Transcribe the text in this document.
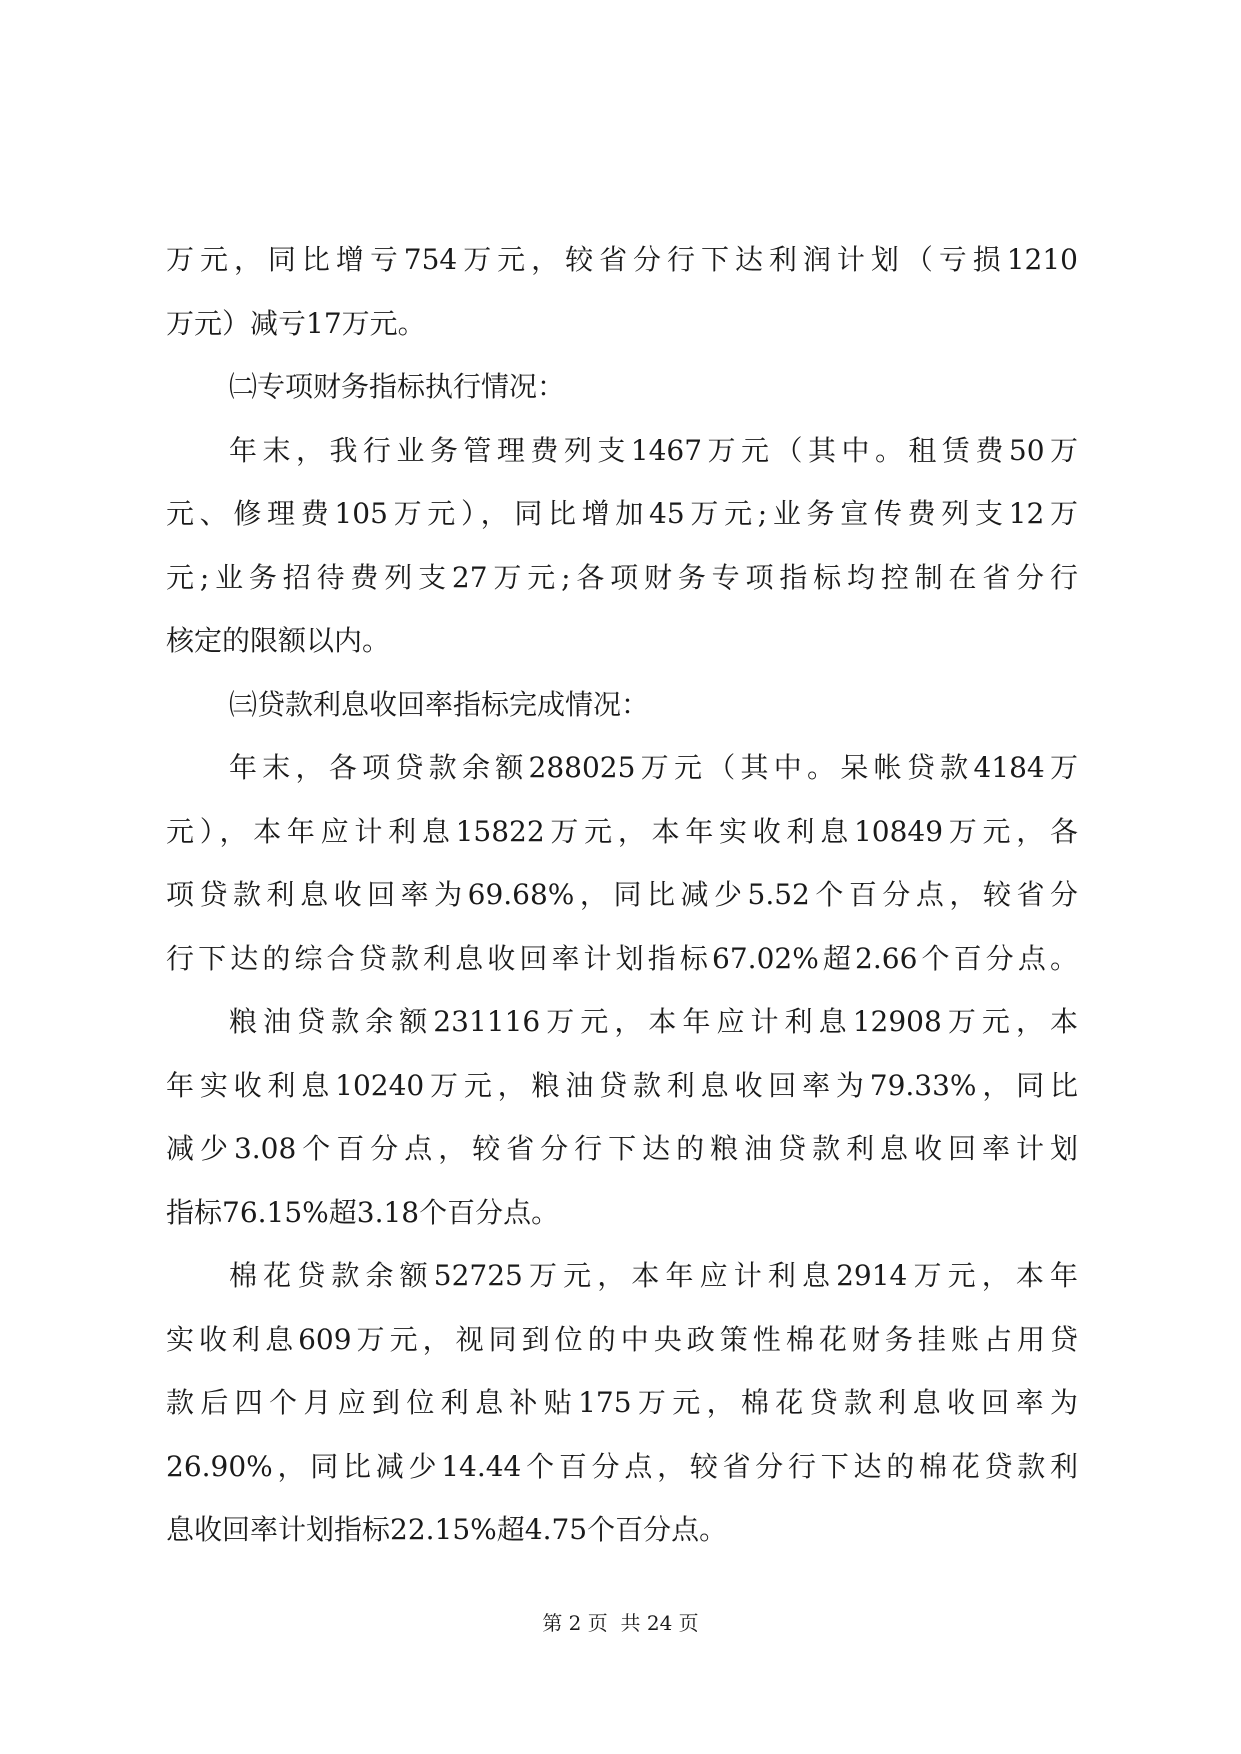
万元，同比增亏754万元，较省分行下达利润计划（亏损1210
万元）减亏17万元。
㈡专项财务指标执行情况：
年末，我行业务管理费列支1467万元（其中。租赁费50万
元、修理费105万元），同比增加45万元;业务宣传费列支12万
元;业务招待费列支27万元;各项财务专项指标均控制在省分行
核定的限额以内。
㈢贷款利息收回率指标完成情况：
年末，各项贷款余额288025万元（其中。呆帐贷款4184万
元），本年应计利息15822万元，本年实收利息10849万元，各
项贷款利息收回率为69.68%，同比减少5.52个百分点，较省分
行下达的综合贷款利息收回率计划指标67.02%超2.66个百分点。
粮油贷款余额231116万元，本年应计利息12908万元，本
年实收利息10240万元，粮油贷款利息收回率为79.33%，同比
减少3.08个百分点，较省分行下达的粮油贷款利息收回率计划
指标76.15%超3.18个百分点。
棉花贷款余额52725万元，本年应计利息2914万元，本年
实收利息609万元，视同到位的中央政策性棉花财务挂账占用贷
款后四个月应到位利息补贴175万元，棉花贷款利息收回率为
26.90%，同比减少14.44个百分点，较省分行下达的棉花贷款利
息收回率计划指标22.15%超4.75个百分点。
第 2 页  共 24 页
